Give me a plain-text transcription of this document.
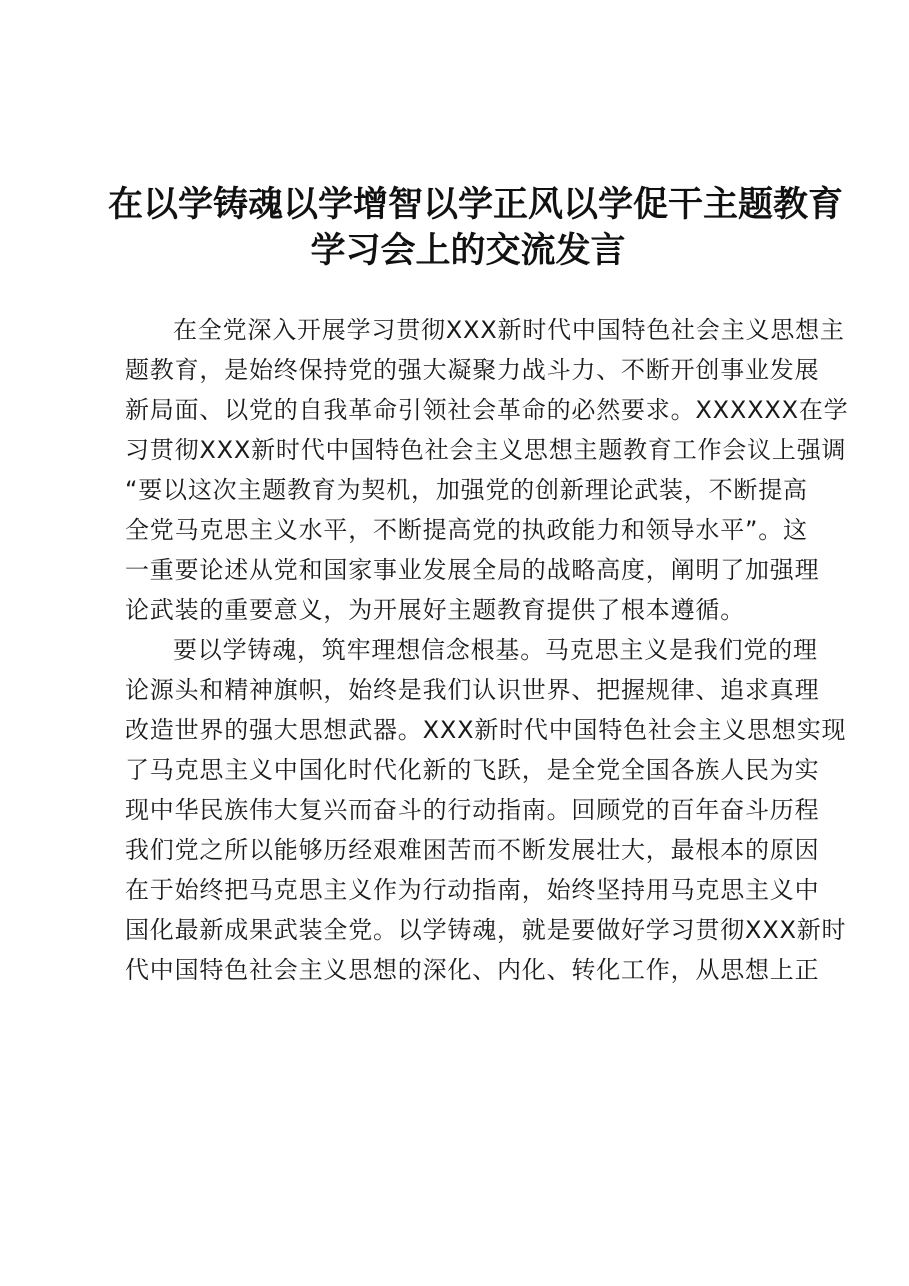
在以学铸魂以学增智以学正风以学促干主题教育
学习会上的交流发言

在全党深入开展学习贯彻XXX新时代中国特色社会主义思想主
题教育，是始终保持党的强大凝聚力战斗力、不断开创事业发展
新局面、以党的自我革命引领社会革命的必然要求。XXXXXX在学
习贯彻XXX新时代中国特色社会主义思想主题教育工作会议上强调
“要以这次主题教育为契机，加强党的创新理论武装，不断提高
全党马克思主义水平，不断提高党的执政能力和领导水平”。这
一重要论述从党和国家事业发展全局的战略高度，阐明了加强理
论武装的重要意义，为开展好主题教育提供了根本遵循。

要以学铸魂，筑牢理想信念根基。马克思主义是我们党的理
论源头和精神旗帜，始终是我们认识世界、把握规律、追求真理
改造世界的强大思想武器。XXX新时代中国特色社会主义思想实现
了马克思主义中国化时代化新的飞跃，是全党全国各族人民为实
现中华民族伟大复兴而奋斗的行动指南。回顾党的百年奋斗历程
我们党之所以能够历经艰难困苦而不断发展壮大，最根本的原因
在于始终把马克思主义作为行动指南，始终坚持用马克思主义中
国化最新成果武装全党。以学铸魂，就是要做好学习贯彻XXX新时
代中国特色社会主义思想的深化、内化、转化工作，从思想上正
